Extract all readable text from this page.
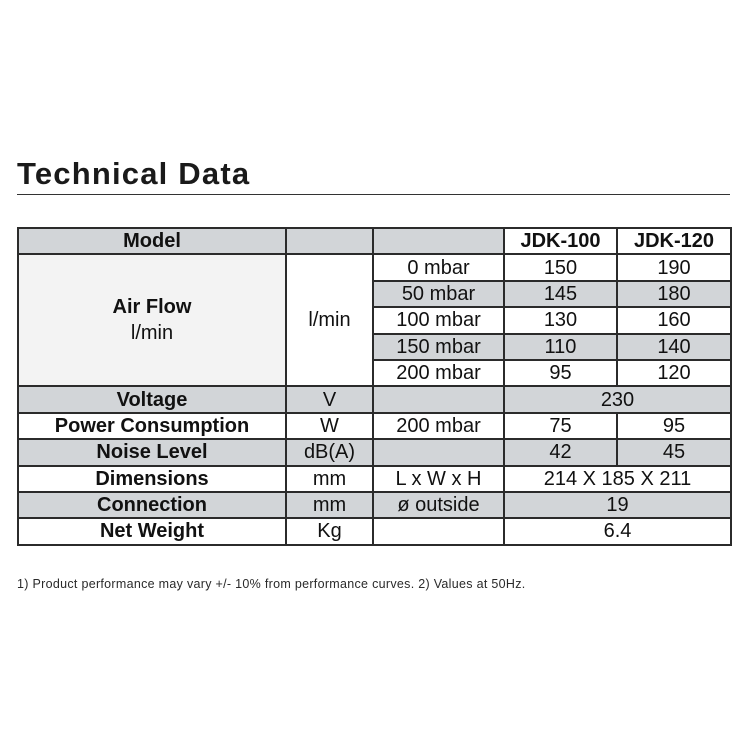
Technical Data
Model			JDK-100	JDK-120

Air Flow
l/min	l/min	0 mbar	150	190
		50 mbar	145	180
		100 mbar	130	160
		150 mbar	110	140
		200 mbar	95	120
Voltage	V		230	
Power Consumption	W	200 mbar	75	95
Noise Level	dB(A)		42	45
Dimensions	mm	L x W x H	214 X 185 X 211	
Connection	mm	ø outside	19	
Net Weight	Kg		6.4	

1) Product performance may vary +/- 10% from performance curves. 2) Values at 50Hz.
